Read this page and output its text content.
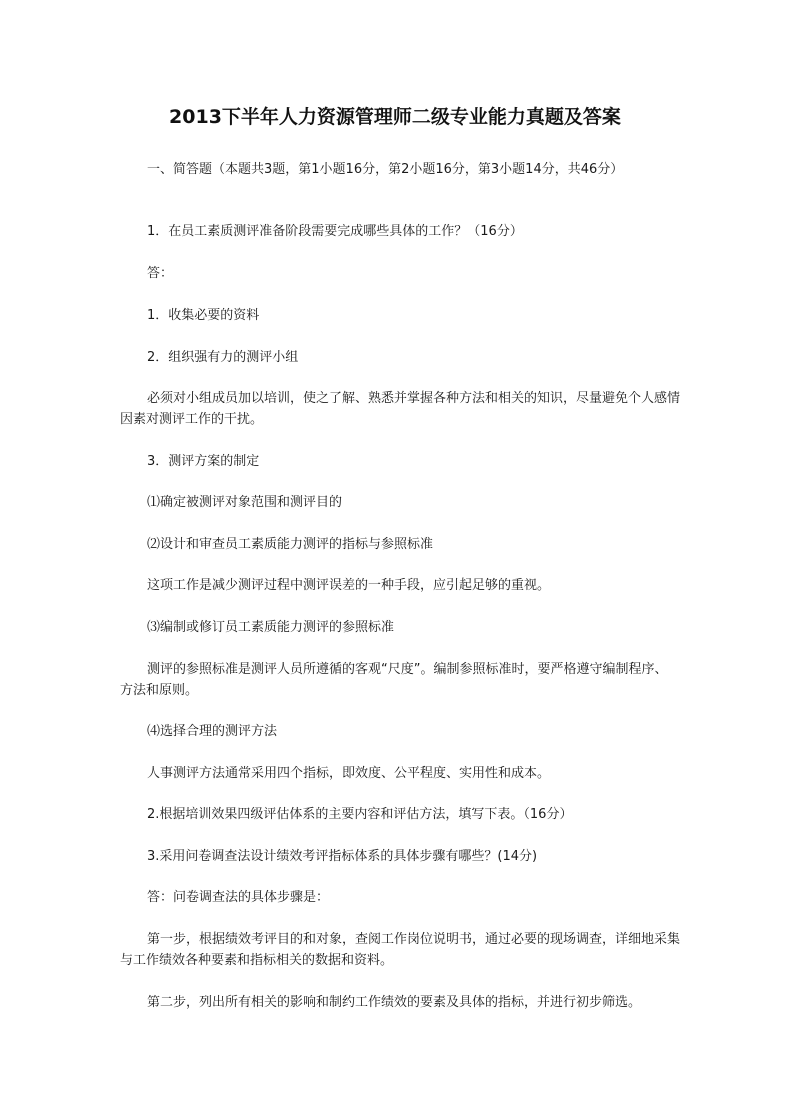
2013下半年人力资源管理师二级专业能力真题及答案
一、简答题（本题共3题，第1小题16分，第2小题16分，第3小题14分，共46分）
1．在员工素质测评准备阶段需要完成哪些具体的工作？（16分）
答：
1．收集必要的资料
2．组织强有力的测评小组
必须对小组成员加以培训，使之了解、熟悉并掌握各种方法和相关的知识，尽量避免个人感情因素对测评工作的干扰。
3．测评方案的制定
⑴确定被测评对象范围和测评目的
⑵设计和审查员工素质能力测评的指标与参照标准
这项工作是减少测评过程中测评误差的一种手段，应引起足够的重视。
⑶编制或修订员工素质能力测评的参照标准
测评的参照标准是测评人员所遵循的客观“尺度”。编制参照标准时，要严格遵守编制程序、方法和原则。
⑷选择合理的测评方法
人事测评方法通常采用四个指标，即效度、公平程度、实用性和成本。
2.根据培训效果四级评估体系的主要内容和评估方法，填写下表。（16分）
3.采用问卷调查法设计绩效考评指标体系的具体步骤有哪些？(14分)
答：问卷调查法的具体步骤是：
第一步，根据绩效考评目的和对象，查阅工作岗位说明书，通过必要的现场调查，详细地采集与工作绩效各种要素和指标相关的数据和资料。
第二步，列出所有相关的影响和制约工作绩效的要素及具体的指标，并进行初步筛选。
